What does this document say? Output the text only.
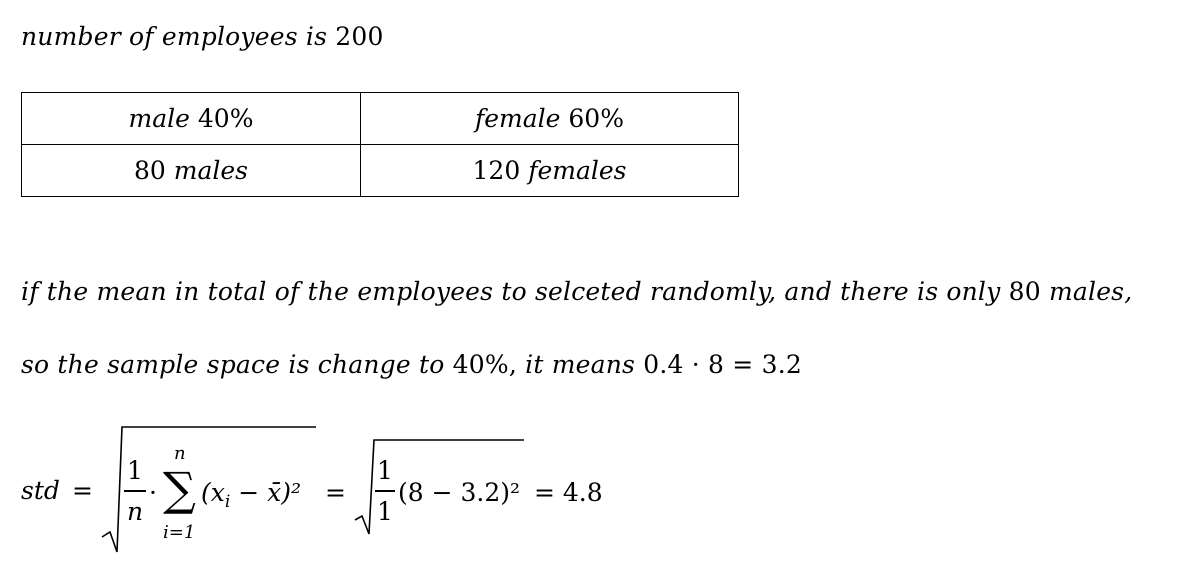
number of employees is 200
male 40%	female 60%
80 males	120 females
if the mean in total of the employees to selceted randomly, and there is only 80 males,
so the sample space is change to 40%, it means 0.4 · 8 = 3.2
std =
1
n
·
n
∑
i=1
($x_i$ − x̄)² =
1
1
(8 − 3.2)² = 4.8
